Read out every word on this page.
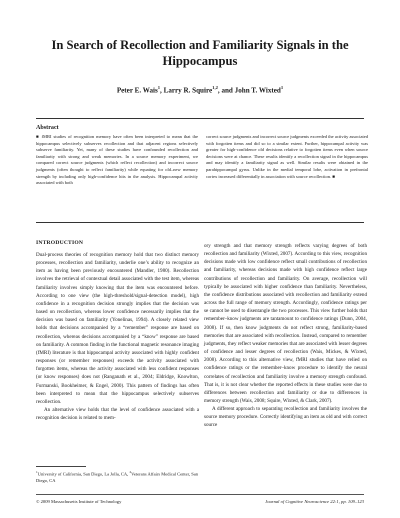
In Search of Recollection and Familiarity Signals in the Hippocampus
Peter E. Wais$^1$, Larry R. Squire$^{1,2}$, and John T. Wixted$^1$
Abstract

■ fMRI studies of recognition memory have often been interpreted to mean that the hippocampus selectively subserves recollection and that adjacent regions selectively subserve familiarity. Yet, many of these studies have confounded recollection and familiarity with strong and weak memories. In a source memory experiment, we compared correct source judgments (which reflect recollection) and incorrect source judgments (often thought to reflect familiarity) while equating for old–new memory strength by including only high-confidence hits in the analysis. Hippocampal activity associated with both

correct source judgments and incorrect source judgments exceeded the activity associated with forgotten items and did so to a similar extent. Further, hippocampal activity was greater for high-confidence old decisions relative to forgotten items even when source decisions were at chance. These results identify a recollection signal in the hippocampus and may identify a familiarity signal as well. Similar results were obtained in the parahippocampal gyrus. Unlike in the medial temporal lobe, activation in prefrontal cortex increased differentially in association with source recollection. ■

INTRODUCTION

Dual-process theories of recognition memory hold that two distinct memory processes, recollection and familiarity, underlie one’s ability to recognize an item as having been previously encountered (Mandler, 1980). Recollection involves the retrieval of contextual detail associated with the test item, whereas familiarity involves simply knowing that the item was encountered before. According to one view (the high-threshold/signal-detection model), high confidence in a recognition decision strongly implies that the decision was based on recollection, whereas lower confidence necessarily implies that the decision was based on familiarity (Yonelinas, 1994). A closely related view holds that decisions accompanied by a “remember” response are based on recollection, whereas decisions accompanied by a “know” response are based on familiarity. A common finding in the functional magnetic resonance imaging (fMRI) literature is that hippocampal activity associated with highly confident responses (or remember responses) exceeds the activity associated with forgotten items, whereas the activity associated with less confident responses (or know responses) does not (Ranganath et al., 2004; Eldridge, Knowlton, Furmanski, Bookheimer, & Engel, 2000). This pattern of findings has often been interpreted to mean that the hippocampus selectively subserves recollection.

An alternative view holds that the level of confidence associated with a recognition decision is related to mem-

ory strength and that memory strength reflects varying degrees of both recollection and familiarity (Wixted, 2007). According to this view, recognition decisions made with low confidence reflect small contributions of recollection and familiarity, whereas decisions made with high confidence reflect large contributions of recollection and familiarity. On average, recollection will typically be associated with higher confidence than familiarity. Nevertheless, the confidence distributions associated with recollection and familiarity extend across the full range of memory strength. Accordingly, confidence ratings per se cannot be used to disentangle the two processes. This view further holds that remember–know judgments are tantamount to confidence ratings (Dunn, 2004, 2008). If so, then know judgments do not reflect strong, familiarity-based memories that are associated with recollection. Instead, compared to remember judgments, they reflect weaker memories that are associated with lesser degrees of confidence and lesser degrees of recollection (Wais, Mickes, & Wixted, 2008). According to this alternative view, fMRI studies that have relied on confidence ratings or the remember–know procedure to identify the neural correlates of recollection and familiarity involve a memory strength confound. That is, it is not clear whether the reported effects in these studies were due to differences between recollection and familiarity or due to differences in memory strength (Wais, 2008; Squire, Wixted, & Clark, 2007).

A different approach to separating recollection and familiarity involves the source memory procedure. Correctly identifying an item as old and with correct source

$^1$University of California, San Diego, La Jolla, CA, $^2$Veterans Affairs Medical Center, San Diego, CA

© 2009 Massachusetts Institute of Technology	Journal of Cognitive Neuroscience 22:1, pp. 109–123
